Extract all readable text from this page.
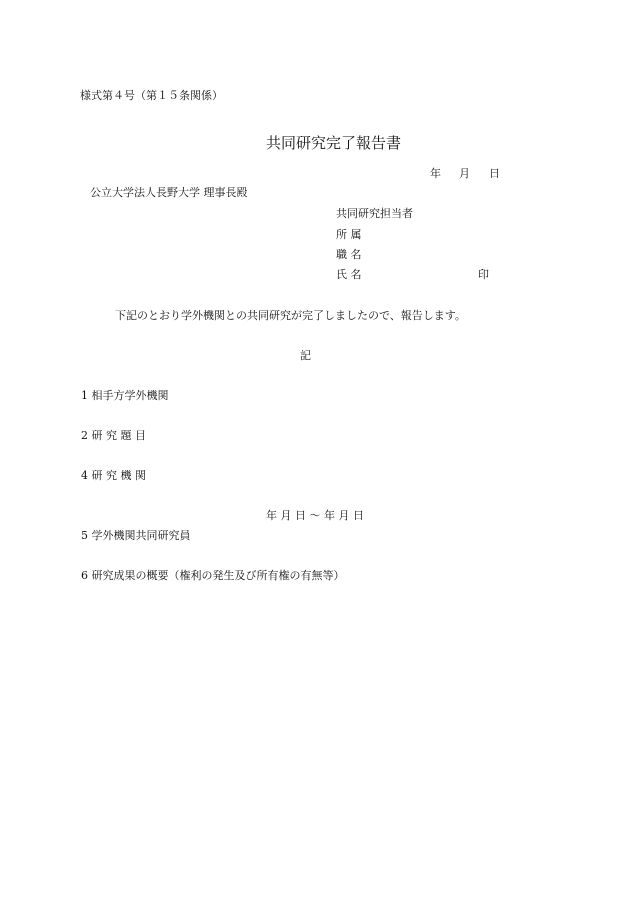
様式第４号（第１５条関係）
共同研究完了報告書
年 月 日
公立大学法人長野大学 理事長殿
共同研究担当者
所 属
職 名
氏 名	印
下記のとおり学外機関との共同研究が完了しましたので、報告します。
記
1 相手方学外機関
2 研 究 題 目
4 研 究 機 関
年 月 日 〜 年 月 日
5 学外機関共同研究員
6 研究成果の概要（権利の発生及び所有権の有無等）
